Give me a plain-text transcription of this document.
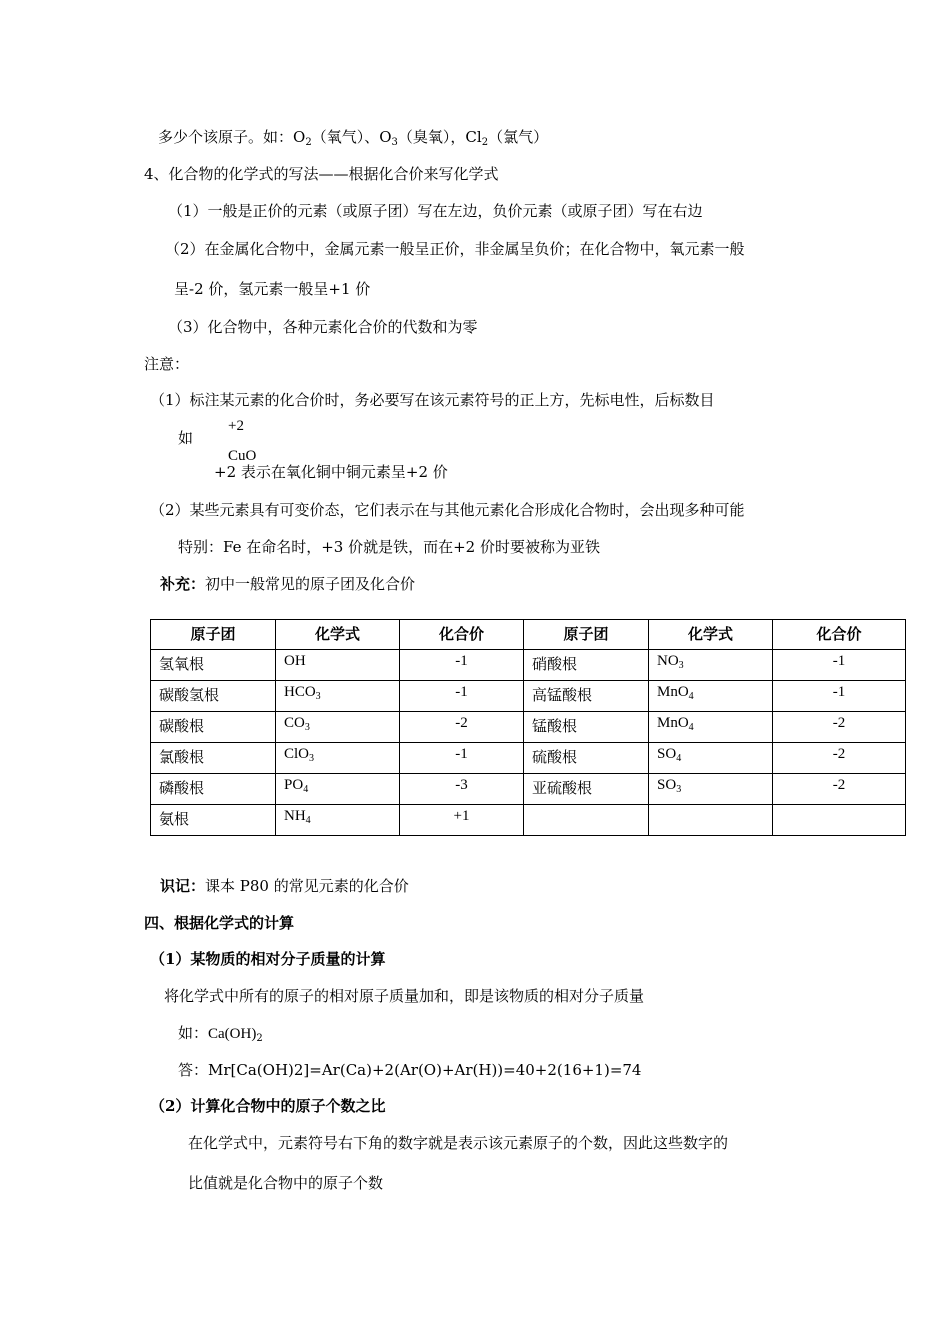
多少个该原子。如：$O_2$（氧气）、$O_3$（臭氧），$Cl_2$（氯气）
4、化合物的化学式的写法——根据化合价来写化学式
（1）一般是正价的元素（或原子团）写在左边，负价元素（或原子团）写在右边
（2）在金属化合物中，金属元素一般呈正价，非金属呈负价；在化合物中，氧元素一般
呈-2 价，氢元素一般呈+1 价
（3）化合物中，各种元素化合价的代数和为零
注意：
（1）标注某元素的化合价时，务必要写在该元素符号的正上方，先标电性，后标数目
如
+2
CuO
+2 表示在氧化铜中铜元素呈+2 价
（2）某些元素具有可变价态，它们表示在与其他元素化合形成化合物时，会出现多种可能
特别：Fe 在命名时，+3 价就是铁，而在+2 价时要被称为亚铁
补充：初中一般常见的原子团及化合价
原子团	化学式	化合价	原子团	化学式	化合价
氢氧根	OH	-1	硝酸根	$NO_3$	-1
碳酸氢根	$HCO_3$	-1	高锰酸根	MnO$_4$	-1
碳酸根	$CO_3$	-2	锰酸根	MnO$_4$	-2
氯酸根	ClO$_3$	-1	硫酸根	$SO_4$	-2
磷酸根	$PO_4$	-3	亚硫酸根	$SO_3$	-2
氨根	$NH_4$	+1			
识记：课本 P80 的常见元素的化合价
四、根据化学式的计算
（1）某物质的相对分子质量的计算
将化学式中所有的原子的相对原子质量加和，即是该物质的相对分子质量
如：$Ca(OH)_2$
答：Mr[Ca(OH)2]=Ar(Ca)+2(Ar(O)+Ar(H))=40+2(16+1)=74
（2）计算化合物中的原子个数之比
在化学式中，元素符号右下角的数字就是表示该元素原子的个数，因此这些数字的
比值就是化合物中的原子个数
